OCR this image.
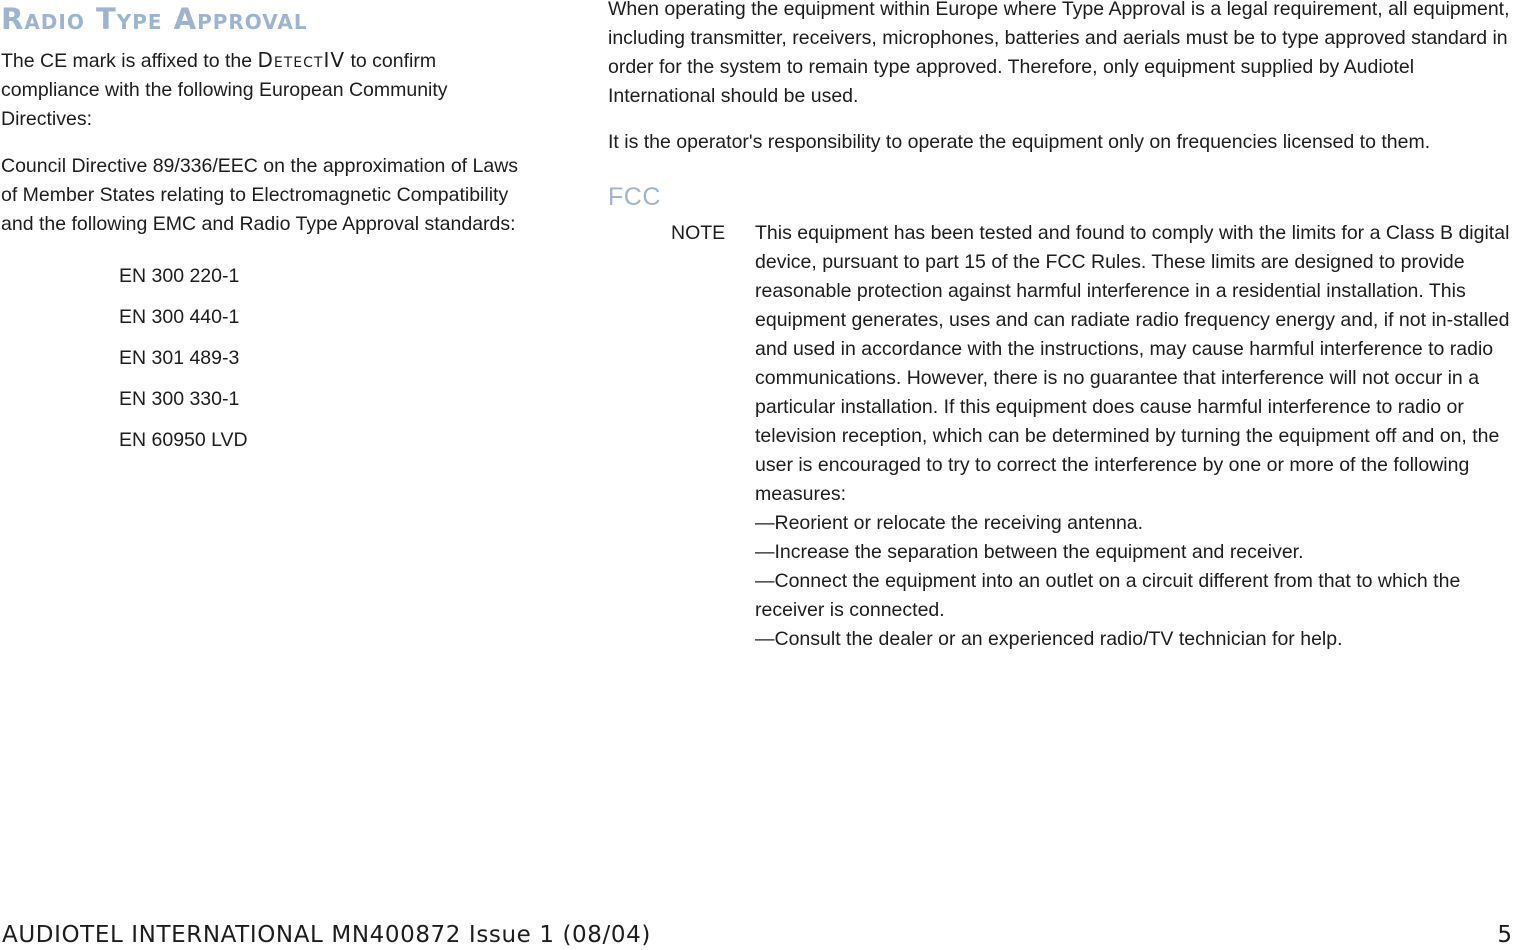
Radio Type Approval

The CE mark is affixed to the DetectIV to confirm compliance with the following European Community Directives:

Council Directive 89/336/EEC on the approximation of Laws of Member States relating to Electromagnetic Compatibility and the following EMC and Radio Type Approval standards:

EN 300 220-1
EN 300 440-1
EN 301 489-3
EN 300 330-1
EN 60950 LVD

When operating the equipment within Europe where Type Approval is a legal requirement, all equipment, including transmitter, receivers, microphones, batteries and aerials must be to type approved standard in order for the system to remain type approved. Therefore, only equipment supplied by Audiotel International should be used.

It is the operator's responsibility to operate the equipment only on frequencies licensed to them.

FCC
NOTE This equipment has been tested and found to comply with the limits for a Class B digital device, pursuant to part 15 of the FCC Rules. These limits are designed to provide reasonable protection against harmful interference in a residential installation. This equipment generates, uses and can radiate radio frequency energy and, if not in-stalled and used in accordance with the instructions, may cause harmful interference to radio communications. However, there is no guarantee that interference will not occur in a particular installation. If this equipment does cause harmful interference to radio or television reception, which can be determined by turning the equipment off and on, the user is encouraged to try to correct the interference by one or more of the following measures:
—Reorient or relocate the receiving antenna.
—Increase the separation between the equipment and receiver.
—Connect the equipment into an outlet on a circuit different from that to which the receiver is connected.
—Consult the dealer or an experienced radio/TV technician for help.
AUDIOTEL INTERNATIONAL MN400872 Issue 1 (08/04)	5
